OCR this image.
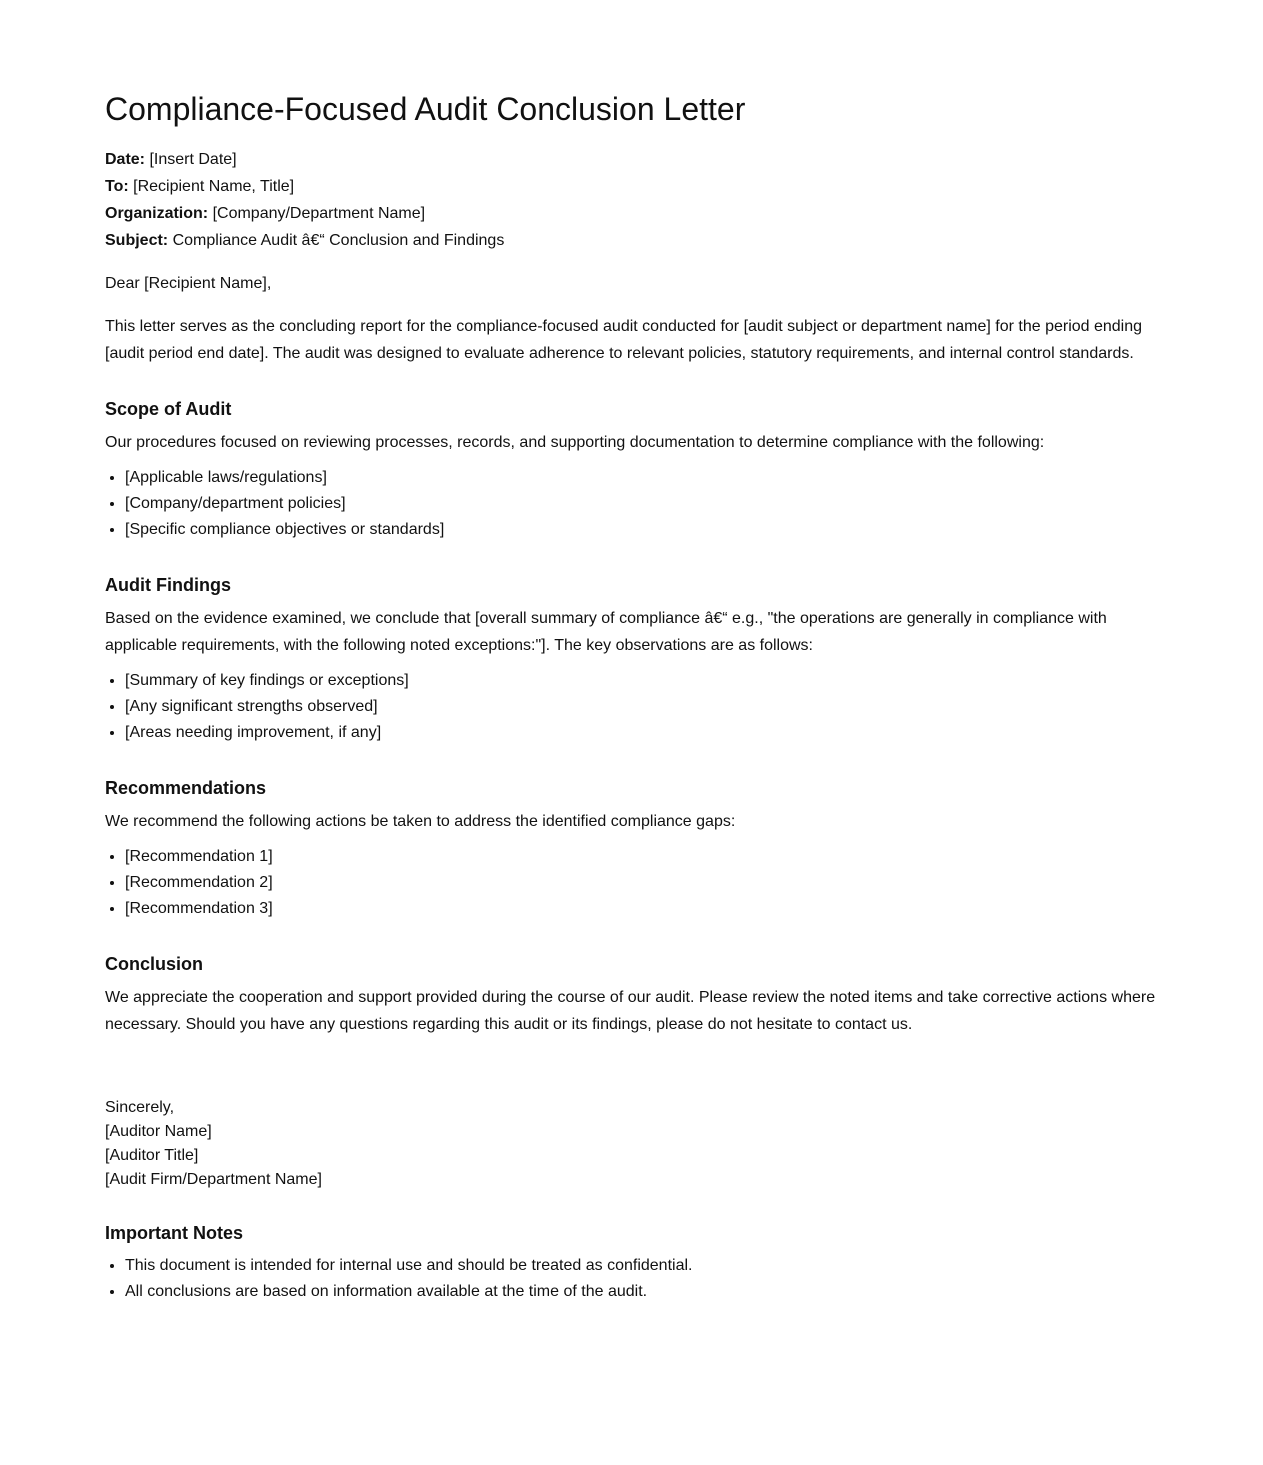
Compliance-Focused Audit Conclusion Letter

Date: [Insert Date]

To: [Recipient Name, Title]

Organization: [Company/Department Name]

Subject: Compliance Audit â€“ Conclusion and Findings

Dear [Recipient Name],

This letter serves as the concluding report for the compliance-focused audit conducted for [audit subject or department name] for the period ending [audit period end date]. The audit was designed to evaluate adherence to relevant policies, statutory requirements, and internal control standards.

Scope of Audit

Our procedures focused on reviewing processes, records, and supporting documentation to determine compliance with the following:

• [Applicable laws/regulations]
• [Company/department policies]
• [Specific compliance objectives or standards]
Audit Findings

Based on the evidence examined, we conclude that [overall summary of compliance â€“ e.g., "the operations are generally in compliance with applicable requirements, with the following noted exceptions:"]. The key observations are as follows:

• [Summary of key findings or exceptions]
• [Any significant strengths observed]
• [Areas needing improvement, if any]
Recommendations

We recommend the following actions be taken to address the identified compliance gaps:

• [Recommendation 1]
• [Recommendation 2]
• [Recommendation 3]
Conclusion

We appreciate the cooperation and support provided during the course of our audit. Please review the noted items and take corrective actions where necessary. Should you have any questions regarding this audit or its findings, please do not hesitate to contact us.

Sincerely,
[Auditor Name]
[Auditor Title]
[Audit Firm/Department Name]
Important Notes
• This document is intended for internal use and should be treated as confidential.
• All conclusions are based on information available at the time of the audit.
